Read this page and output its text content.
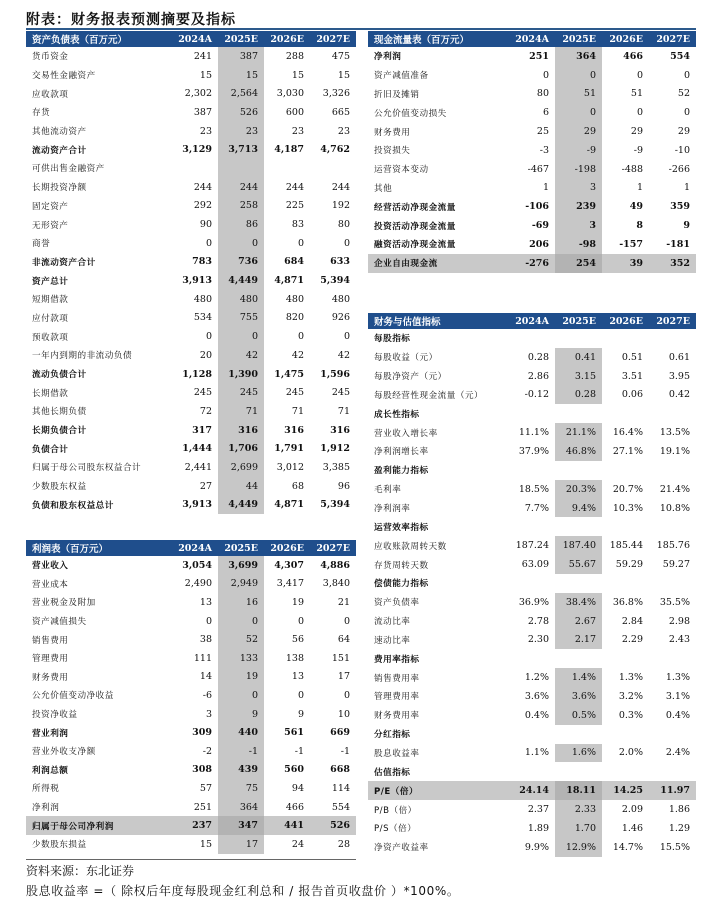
附表：财务报表预测摘要及指标
资产负债表（百万元）	2024A	2025E	2026E	2027E
货币资金	241	387	288	475
交易性金融资产	15	15	15	15
应收款项	2,302	2,564	3,030	3,326
存货	387	526	600	665
其他流动资产	23	23	23	23
流动资产合计	3,129	3,713	4,187	4,762
可供出售金融资产				
长期投资净额	244	244	244	244
固定资产	292	258	225	192
无形资产	90	86	83	80
商誉	0	0	0	0
非流动资产合计	783	736	684	633
资产总计	3,913	4,449	4,871	5,394
短期借款	480	480	480	480
应付款项	534	755	820	926
预收款项	0	0	0	0
一年内到期的非流动负债	20	42	42	42
流动负债合计	1,128	1,390	1,475	1,596
长期借款	245	245	245	245
其他长期负债	72	71	71	71
长期负债合计	317	316	316	316
负债合计	1,444	1,706	1,791	1,912
归属于母公司股东权益合计	2,441	2,699	3,012	3,385
少数股东权益	27	44	68	96
负债和股东权益总计	3,913	4,449	4,871	5,394
利润表（百万元）	2024A	2025E	2026E	2027E
营业收入	3,054	3,699	4,307	4,886
营业成本	2,490	2,949	3,417	3,840
营业税金及附加	13	16	19	21
资产减值损失	0	0	0	0
销售费用	38	52	56	64
管理费用	111	133	138	151
财务费用	14	19	13	17
公允价值变动净收益	-6	0	0	0
投资净收益	3	9	9	10
营业利润	309	440	561	669
营业外收支净额	-2	-1	-1	-1
利润总额	308	439	560	668
所得税	57	75	94	114
净利润	251	364	466	554
归属于母公司净利润	237	347	441	526
少数股东损益	15	17	24	28
现金流量表（百万元）	2024A	2025E	2026E	2027E
净利润	251	364	466	554
资产减值准备	0	0	0	0
折旧及摊销	80	51	51	52
公允价值变动损失	6	0	0	0
财务费用	25	29	29	29
投资损失	-3	-9	-9	-10
运营资本变动	-467	-198	-488	-266
其他	1	3	1	1
经营活动净现金流量	-106	239	49	359
投资活动净现金流量	-69	3	8	9
融资活动净现金流量	206	-98	-157	-181
企业自由现金流	-276	254	39	352
财务与估值指标	2024A	2025E	2026E	2027E
每股指标				
每股收益（元）	0.28	0.41	0.51	0.61
每股净资产（元）	2.86	3.15	3.51	3.95
每股经营性现金流量（元）	-0.12	0.28	0.06	0.42
成长性指标				
营业收入增长率	11.1%	21.1%	16.4%	13.5%
净利润增长率	37.9%	46.8%	27.1%	19.1%
盈利能力指标				
毛利率	18.5%	20.3%	20.7%	21.4%
净利润率	7.7%	9.4%	10.3%	10.8%
运营效率指标				
应收账款周转天数	187.24	187.40	185.44	185.76
存货周转天数	63.09	55.67	59.29	59.27
偿债能力指标				
资产负债率	36.9%	38.4%	36.8%	35.5%
流动比率	2.78	2.67	2.84	2.98
速动比率	2.30	2.17	2.29	2.43
费用率指标				
销售费用率	1.2%	1.4%	1.3%	1.3%
管理费用率	3.6%	3.6%	3.2%	3.1%
财务费用率	0.4%	0.5%	0.3%	0.4%
分红指标				
股息收益率	1.1%	1.6%	2.0%	2.4%
估值指标				
P/E（倍）	24.14	18.11	14.25	11.97
P/B（倍）	2.37	2.33	2.09	1.86
P/S（倍）	1.89	1.70	1.46	1.29
净资产收益率	9.9%	12.9%	14.7%	15.5%
资料来源：东北证券
股息收益率 =（ 除权后年度每股现金红利总和 / 报告首页收盘价 ）*100%。
